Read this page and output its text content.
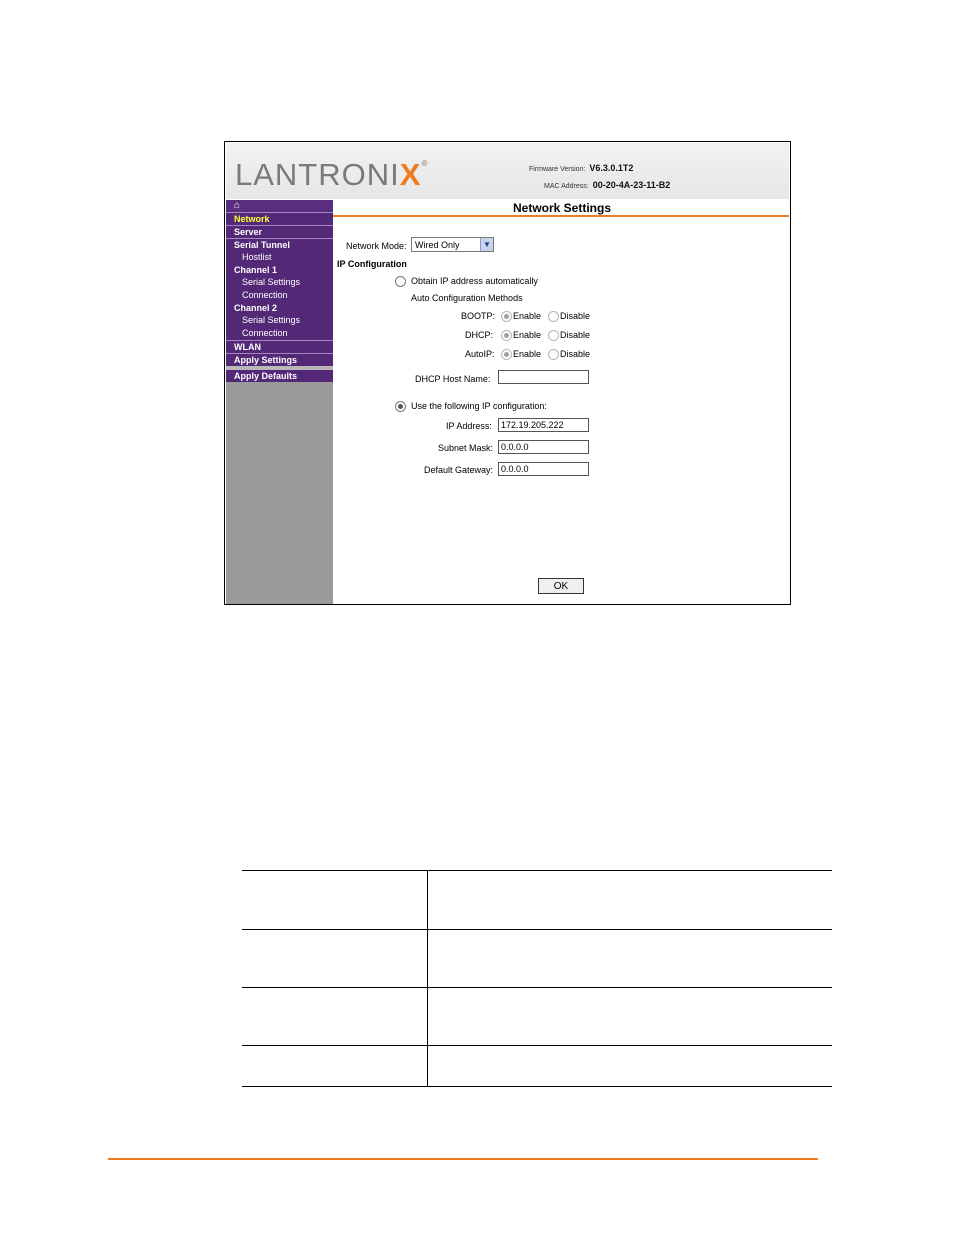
LANTRONIX®
Firmware Version: V6.3.0.1T2
MAC Address: 00-20-4A-23-11-B2
⌂
Network
Server
Serial Tunnel
Hostlist
Channel 1
Serial Settings
Connection
Channel 2
Serial Settings
Connection
WLAN
Apply Settings
Apply Defaults
Network Settings
Network Mode: Wired Only	▼
IP Configuration
Obtain IP address automatically
Auto Configuration Methods
BOOTP: Enable Disable
DHCP: Enable Disable
AutoIP: Enable Disable
DHCP Host Name:
Use the following IP configuration:
IP Address:
172.19.205.222
Subnet Mask:
0.0.0.0
Default Gateway:
0.0.0.0
OK
